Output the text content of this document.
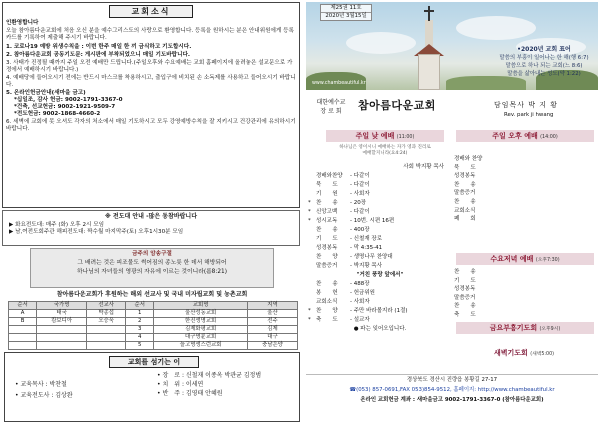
교회소식
인환영합니다
오늘 참아름다운교회에 처음 오신 분을 예수그리스도의 사랑으로 환영합니다. 등록을 원하시는 분은 안내위원에게 등록카드를 기록하여 제출해 주시기 바랍니다.
1. 코로나19 예방 위생수칙을 : 이번 한주 매일 한 끼 금식하고 기도합시다.
2. 참아름다운교회 공동기도문: 게시판에 부착되었으니 매일 기도바랍니다.
3. 사태가 진정될 때까지 주일 오전 예배만 드립니다.(주일오후와 수요예배는 교회 홈페이지에 올려놓은 설교문으로 가정에서 예배하시기 바랍니다.)
4. 예배당에 들어오시기 전에는 반드시 마스크를 착용하시고, 출입구에 비치된 손 소독제를 사용하고 들어오시기 바랍니다.
5. 온라인헌금안내(새마을 금고)
*십일조, 감사 헌금: 9002-1791-3367-0
*건축, 선교헌금: 9002-1921-9509-7
*전도헌금: 9002-1868-4660-2
6. 세벽에 교회에 못 오셔도 각자의 처소에서 매일 기도하시고 모두 강영예방수칙을 잘 지키시고 건강관리에 유의하시기 바랍니다.
※ 전도대 안내 -많은 동참바랍니다
▶ 화요전도대: 매주 (화) 오후 2시 모임
▶ 남,여전도회주관 해피전도대: 짝수월 마지막주(토) 오후1시30분 모임
금주의 암송구절
그 배려는 것은 피조물도 썩어짐의 종노릇 한 데서 해방되어
하나님의 자녀들의 영광의 자유에 이르는 것이니라(롬8:21)
참아름다운교회가 후원하는 해외 선교사 및 국내 미자립교회 및 농촌교회
순서	국가명	선교사	순서	교회명	지역
A	태국	박종섭	1	울산성동교회	울산
B	캄보디아	오승욱	2	한진생명교회	전주
			3	김제화평교회	김제
			4	대구명륜교회	대구
			5	늘고명생스런교회	충남은양
교회를 섬기는 이
• 교육목사 : 박찬철
• 교육전도사 : 김상완
• 장　로 : 신철재 이종옥 박관균 김정범
• 치　위 : 이세연
• 반　주 : 김영태 안혜원
제25권 11호
2020년 3월15일
www.chambeautiful.kr
•2020년 교회 표어
말씀의 부흥이 일어나는 한 해(행 6:7)
말씀으로 하나 되는 교회(느 8:6)
말씀을 삶아내는 성도(약 1:22)
대한예수교
장 로 회	참아름다운교회	담임목사 박 지 황
Rev. park ji hwang
주일 낮 예배 (11:00)
하나님은 영이시니 예배하는 자가 영과 진리로
예배할지니라(요4:24)
사회 박지황 목사
경배와찬양	- 다같이
묵　　도	- 다같이
기　　원	- 사회자
* 찬　　송	- 20장
* 신앙고백	- 다같이
* 성시교독	- 10번. 시편 16편
찬　　송	- 400장
기　　도	- 신철재 장로
성경봉독	- 막 4:35-41
찬　　양	- 생명나무 찬양대
말씀증거	- 박지황 목사
"거친 풍랑 앞에서"
찬　　송	- 488장
봉　　헌	- 헌금위원
교회소식	- 사회자
* 찬　　양	- 주만 바라볼지라 (1절)
* 축　　도	- 설교자
● 파는 잊어오입니다.
주일 오후 예배 (14:00)
경배와 찬양
묵　　도
성경봉독
찬　　송
말씀증거
찬　　송
교회소식
폐　　회
수요저녁 예배 (오후7:30)
찬　　송
기　　도
성경봉독
말씀증거
찬　　송
축　　도
금요부흥기도회 (오후9시)
새벽기도회 (새벽5:00)
경상북도 경산시 진량읍 봉황길 27-17
☎(053) 857-0691,FAX 053)854-9512, 홈페이지: http://www.chambeautiful.kr
온라인 교회헌금 계좌 : 새마을금고 9002-1791-3367-0 (참아름다운교회)
